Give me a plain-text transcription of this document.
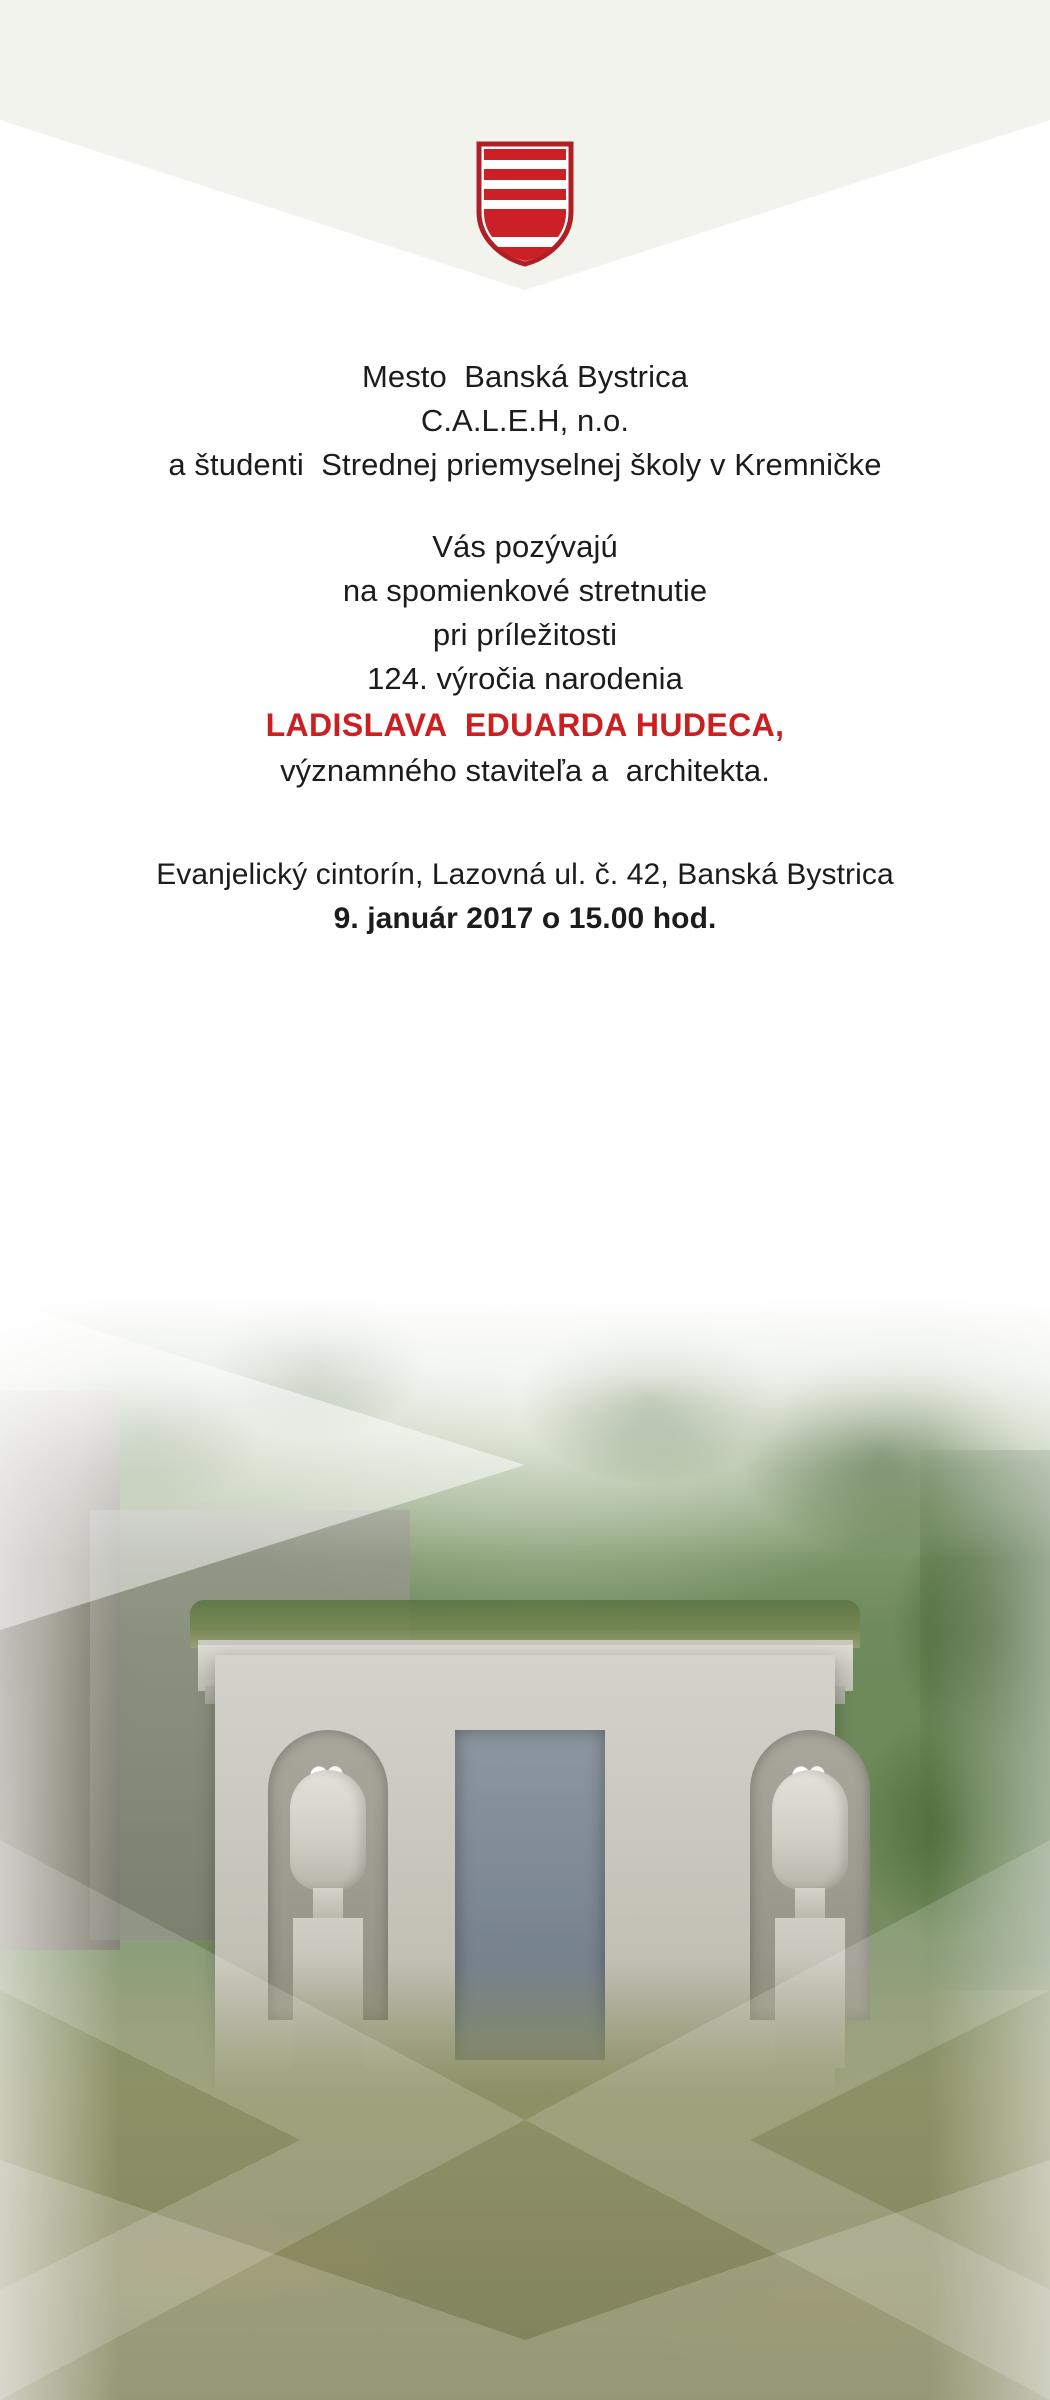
Mesto  Banská Bystrica
C.A.L.E.H, n.o.
a študenti  Strednej priemyselnej školy v Kremničke
Vás pozývajú
na spomienkové stretnutie
pri príležitosti
124. výročia narodenia
LADISLAVA  EDUARDA HUDECA,
významného staviteľa a  architekta.
Evanjelický cintorín, Lazovná ul. č. 42, Banská Bystrica
9. január 2017 o 15.00 hod.
